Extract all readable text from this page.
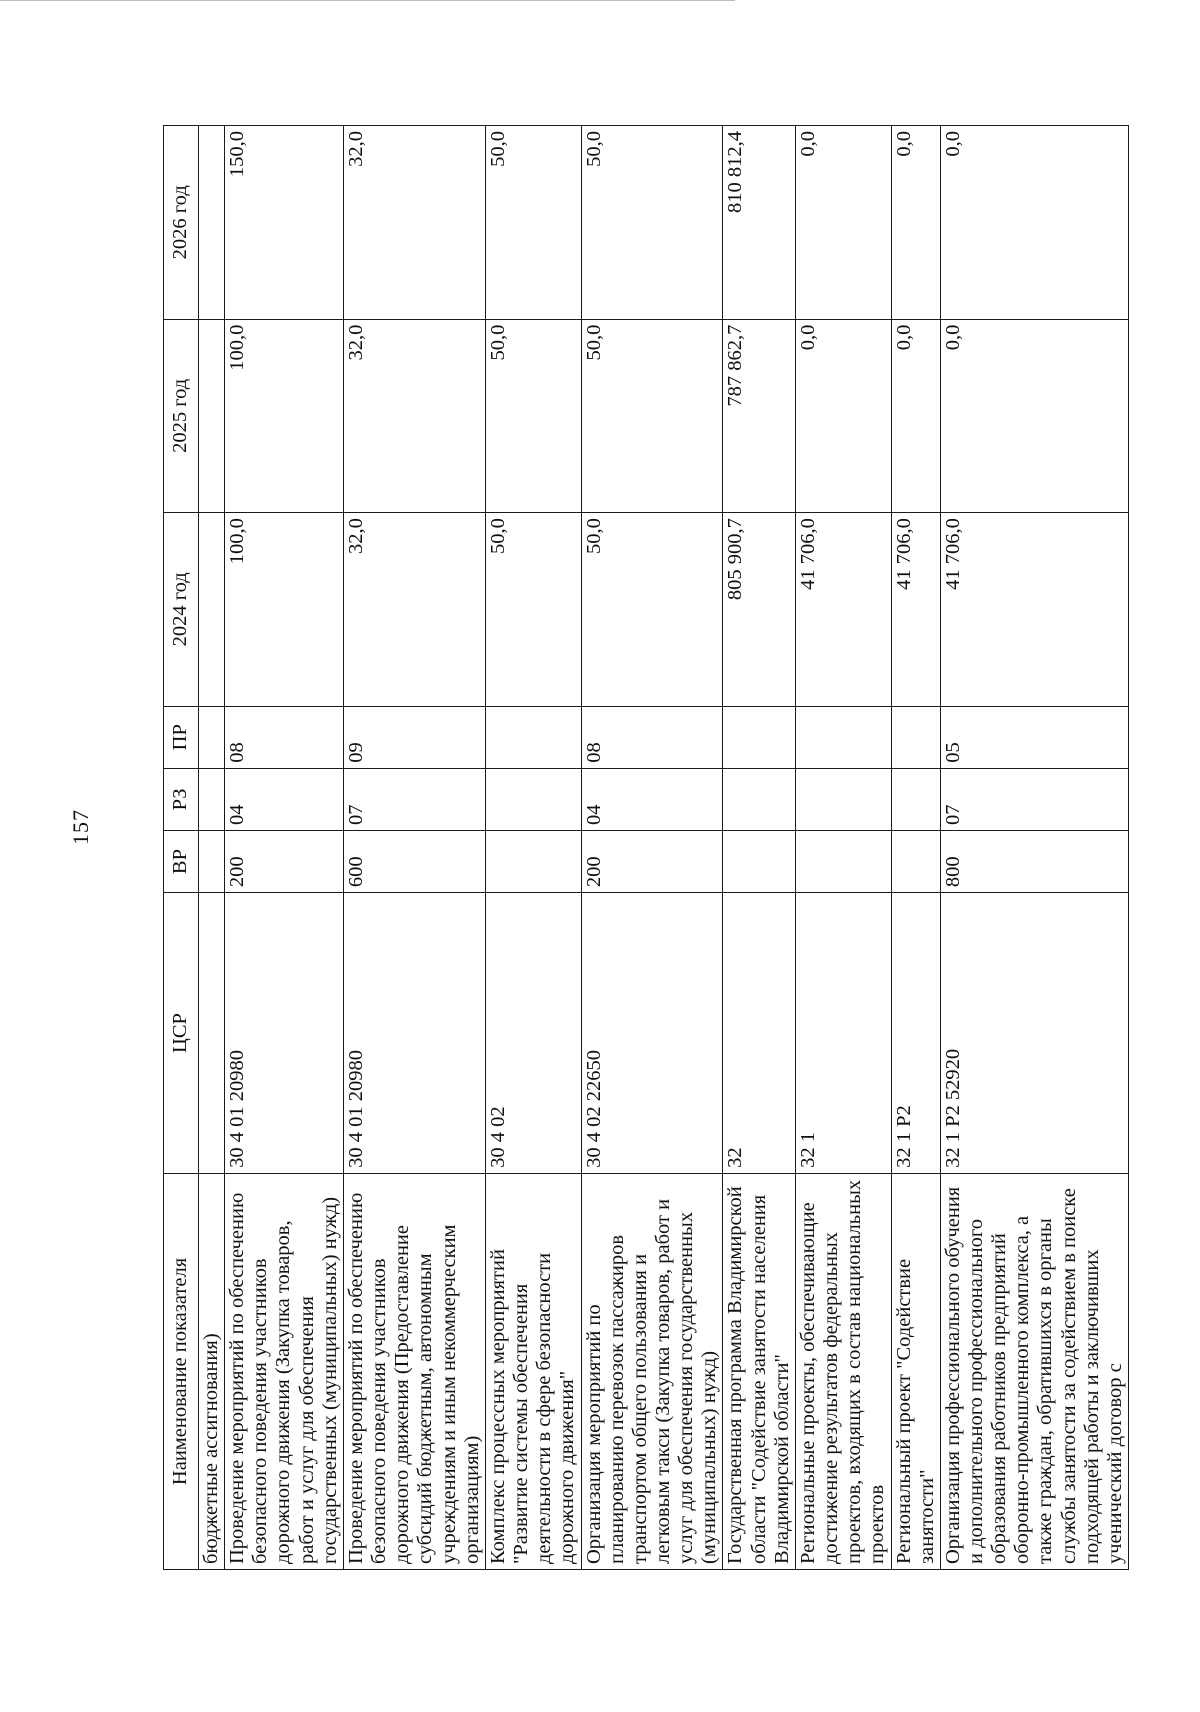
157
Наименование показателя	ЦСР	ВР	РЗ	ПР	2024 год	2025 год	2026 год
бюджетные ассигнования)							
Проведение мероприятий по обеспечению безопасного поведения участников дорожного движения (Закупка товаров, работ и услуг для обеспечения государственных (муниципальных) нужд)	30 4 01 20980	200	04	08	100,0	100,0	150,0
Проведение мероприятий по обеспечению безопасного поведения участников дорожного движения (Предоставление субсидий бюджетным, автономным учреждениям и иным некоммерческим организациям)	30 4 01 20980	600	07	09	32,0	32,0	32,0
Комплекс процессных мероприятий "Развитие системы обеспечения деятельности в сфере безопасности дорожного движения"	30 4 02				50,0	50,0	50,0
Организация мероприятий по планированию перевозок пассажиров транспортом общего пользования и легковым такси (Закупка товаров, работ и услуг для обеспечения государственных (муниципальных) нужд)	30 4 02 22650	200	04	08	50,0	50,0	50,0
Государственная программа Владимирской области "Содействие занятости населения Владимирской области"	32				805 900,7	787 862,7	810 812,4
Региональные проекты, обеспечивающие достижение результатов федеральных проектов, входящих в состав национальных проектов	32 1				41 706,0	0,0	0,0
Региональный проект "Содействие занятости"	32 1 Р2				41 706,0	0,0	0,0
Организация профессионального обучения и дополнительного профессионального образования работников предприятий оборонно-промышленного комплекса, а также граждан, обратившихся в органы службы занятости за содействием в поиске подходящей работы и заключивших ученический договор с	32 1 Р2 52920	800	07	05	41 706,0	0,0	0,0
